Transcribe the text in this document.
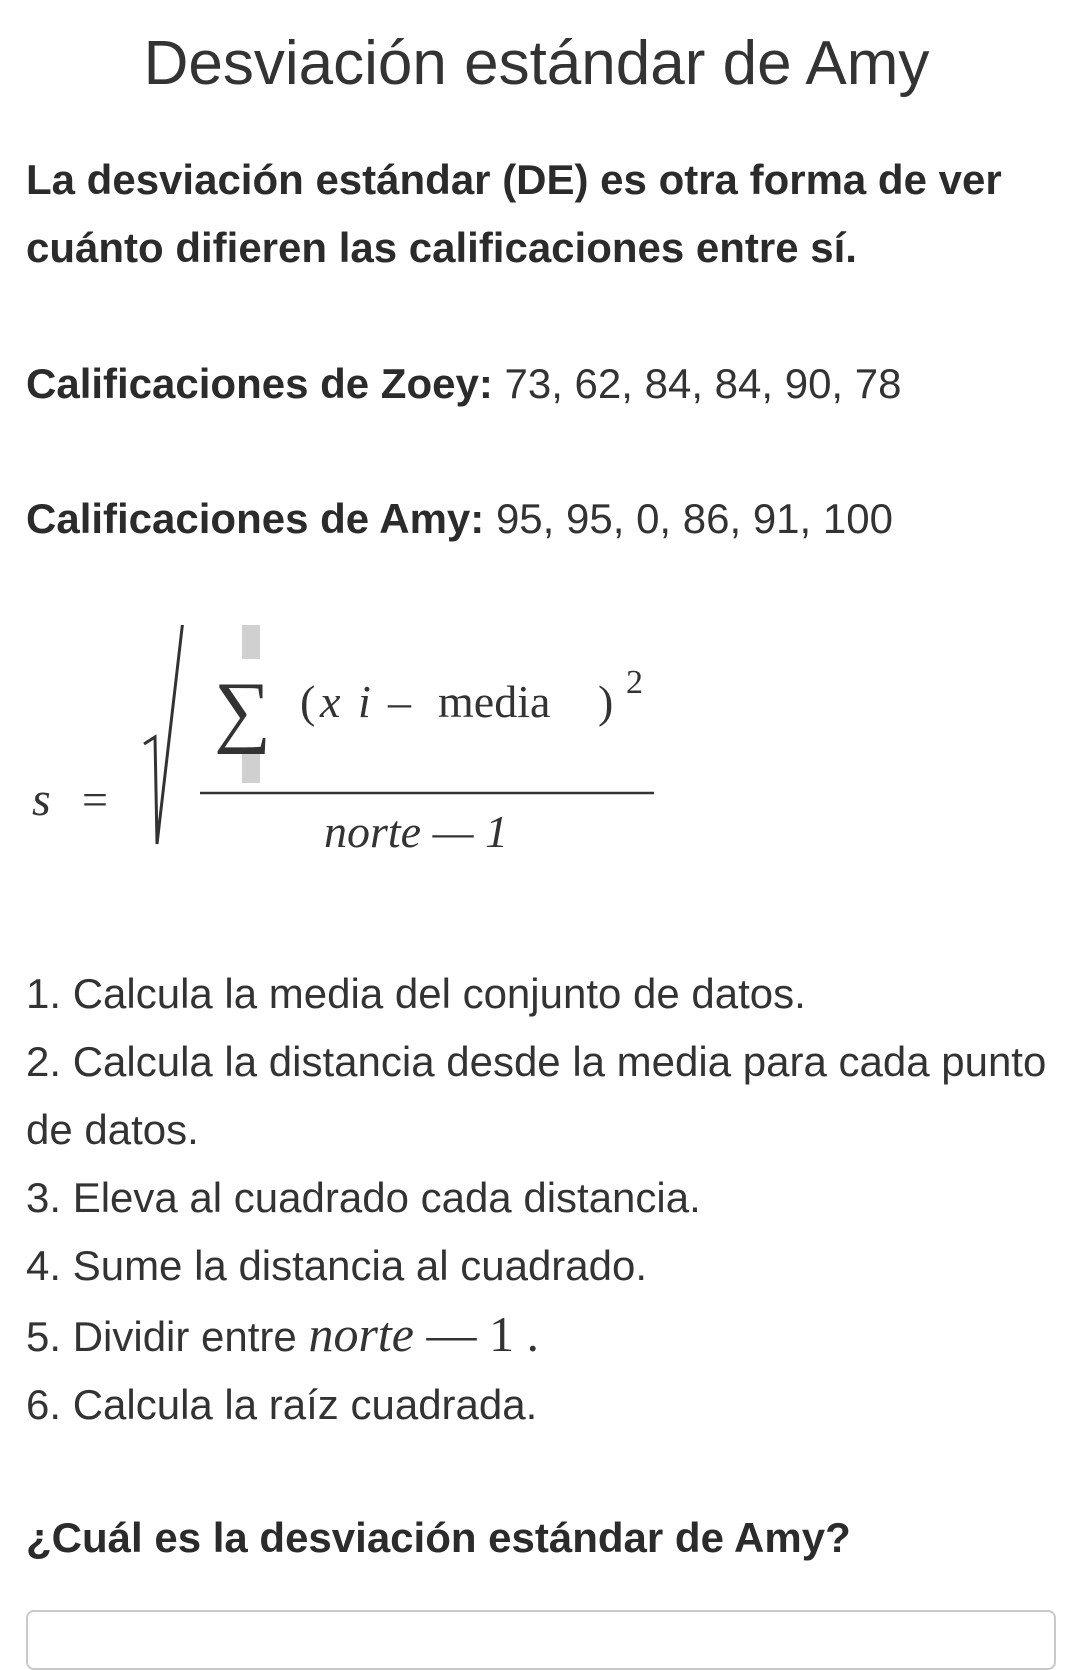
Desviación estándar de Amy

La desviación estándar (DE) es otra forma de ver cuánto difieren las calificaciones entre sí.

Calificaciones de Zoey: 73, 62, 84, 84, 90, 78

Calificaciones de Amy: 95, 95, 0, 86, 91, 100

s =
∑ ( x i – media ) 2
norte — 1
1. Calcula la media del conjunto de datos.
2. Calcula la distancia desde la media para cada punto de datos.
3. Eleva al cuadrado cada distancia.
4. Sume la distancia al cuadrado.
5. Dividir entre norte — 1 .
6. Calcula la raíz cuadrada.

¿Cuál es la desviación estándar de Amy?
